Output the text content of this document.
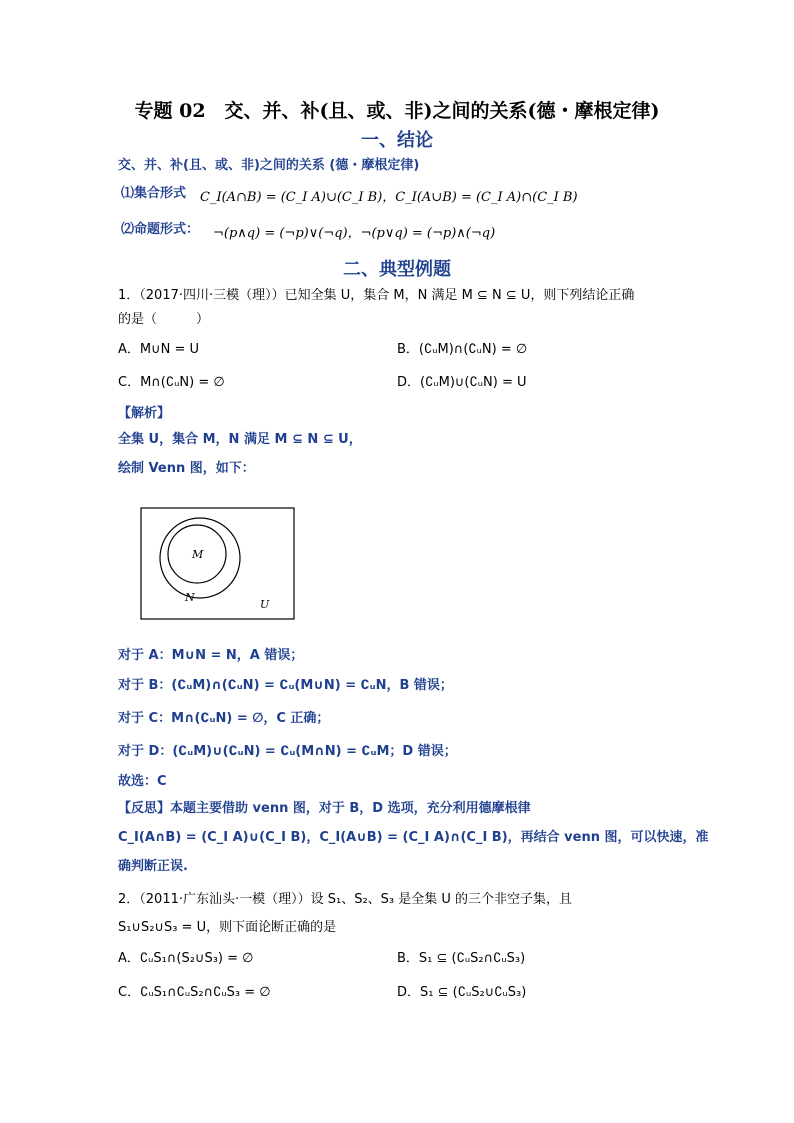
专题 02　交、并、补(且、或、非)之间的关系(德・摩根定律)
一、结论
交、并、补(且、或、非)之间的关系 (德・摩根定律)
⑴集合形式 C_I(A∩B) = (C_I A)∪(C_I B)，C_I(A∪B) = (C_I A)∩(C_I B)
⑵命题形式： ¬(p∧q) = (¬p)∨(¬q)，¬(p∨q) = (¬p)∧(¬q)
二、典型例题
1．（2017·四川·三模（理））已知全集 U，集合 M，N 满足 M ⊆ N ⊆ U，则下列结论正确
的是（　　　）
A．M∪N = U	B．(∁ᵤM)∩(∁ᵤN) = ∅
C．M∩(∁ᵤN) = ∅	D．(∁ᵤM)∪(∁ᵤN) = U
【解析】
全集 U，集合 M，N 满足 M ⊆ N ⊆ U，
绘制 Venn 图，如下：
M
N
U
对于 A：M∪N = N，A 错误；
对于 B：(∁ᵤM)∩(∁ᵤN) = ∁ᵤ(M∪N) = ∁ᵤN，B 错误；
对于 C：M∩(∁ᵤN) = ∅，C 正确；
对于 D：(∁ᵤM)∪(∁ᵤN) = ∁ᵤ(M∩N) = ∁ᵤM；D 错误；
故选：C
【反思】本题主要借助 venn 图，对于 B，D 选项，充分利用德摩根律
C_I(A∩B) = (C_I A)∪(C_I B)，C_I(A∪B) = (C_I A)∩(C_I B)，再结合 venn 图，可以快速，准
确判断正误.
2．（2011·广东汕头·一模（理））设 S₁、S₂、S₃ 是全集 U 的三个非空子集，且
S₁∪S₂∪S₃ = U，则下面论断正确的是
A．∁ᵤS₁∩(S₂∪S₃) = ∅	B．S₁ ⊆ (∁ᵤS₂∩∁ᵤS₃)
C．∁ᵤS₁∩∁ᵤS₂∩∁ᵤS₃ = ∅	D．S₁ ⊆ (∁ᵤS₂∪∁ᵤS₃)
